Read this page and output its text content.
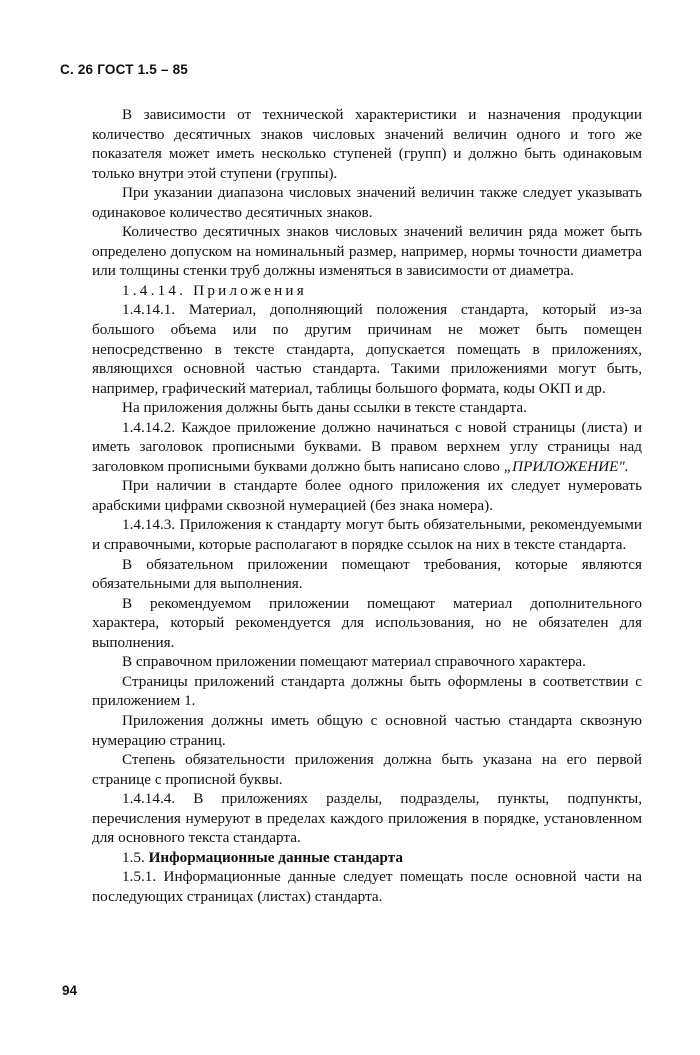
С. 26 ГОСТ 1.5 – 85

В зависимости от технической характеристики и назначения продукции количество десятичных знаков числовых значений величин одного и того же показателя может иметь несколько ступеней (групп) и должно быть одинаковым только внутри этой ступени (группы).

При указании диапазона числовых значений величин также следует указывать одинаковое количество десятичных знаков.

Количество десятичных знаков числовых значений величин ряда может быть определено допуском на номинальный размер, например, нормы точности диаметра или толщины стенки труб должны изменяться в зависимости от диаметра.

1.4.14. Приложения

1.4.14.1. Материал, дополняющий положения стандарта, который из-за большого объема или по другим причинам не может быть помещен непосредственно в тексте стандарта, допускается помещать в приложениях, являющихся основной частью стандарта. Такими приложениями могут быть, например, графический материал, таблицы большого формата, коды ОКП и др.

На приложения должны быть даны ссылки в тексте стандарта.

1.4.14.2. Каждое приложение должно начинаться с новой страницы (листа) и иметь заголовок прописными буквами. В правом верхнем углу страницы над заголовком прописными буквами должно быть написано слово „ПРИЛОЖЕНИЕ".

При наличии в стандарте более одного приложения их следует нумеровать арабскими цифрами сквозной нумерацией (без знака номера).

1.4.14.3. Приложения к стандарту могут быть обязательными, рекомендуемыми и справочными, которые располагают в порядке ссылок на них в тексте стандарта.

В обязательном приложении помещают требования, которые являются обязательными для выполнения.

В рекомендуемом приложении помещают материал дополнительного характера, который рекомендуется для использования, но не обязателен для выполнения.

В справочном приложении помещают материал справочного характера.

Страницы приложений стандарта должны быть оформлены в соответствии с приложением 1.

Приложения должны иметь общую с основной частью стандарта сквозную нумерацию страниц.

Степень обязательности приложения должна быть указана на его первой странице с прописной буквы.

1.4.14.4. В приложениях разделы, подразделы, пункты, подпункты, перечисления нумеруют в пределах каждого приложения в порядке, установленном для основного текста стандарта.

1.5. Информационные данные стандарта

1.5.1. Информационные данные следует помещать после основной части на последующих страницах (листах) стандарта.

94
